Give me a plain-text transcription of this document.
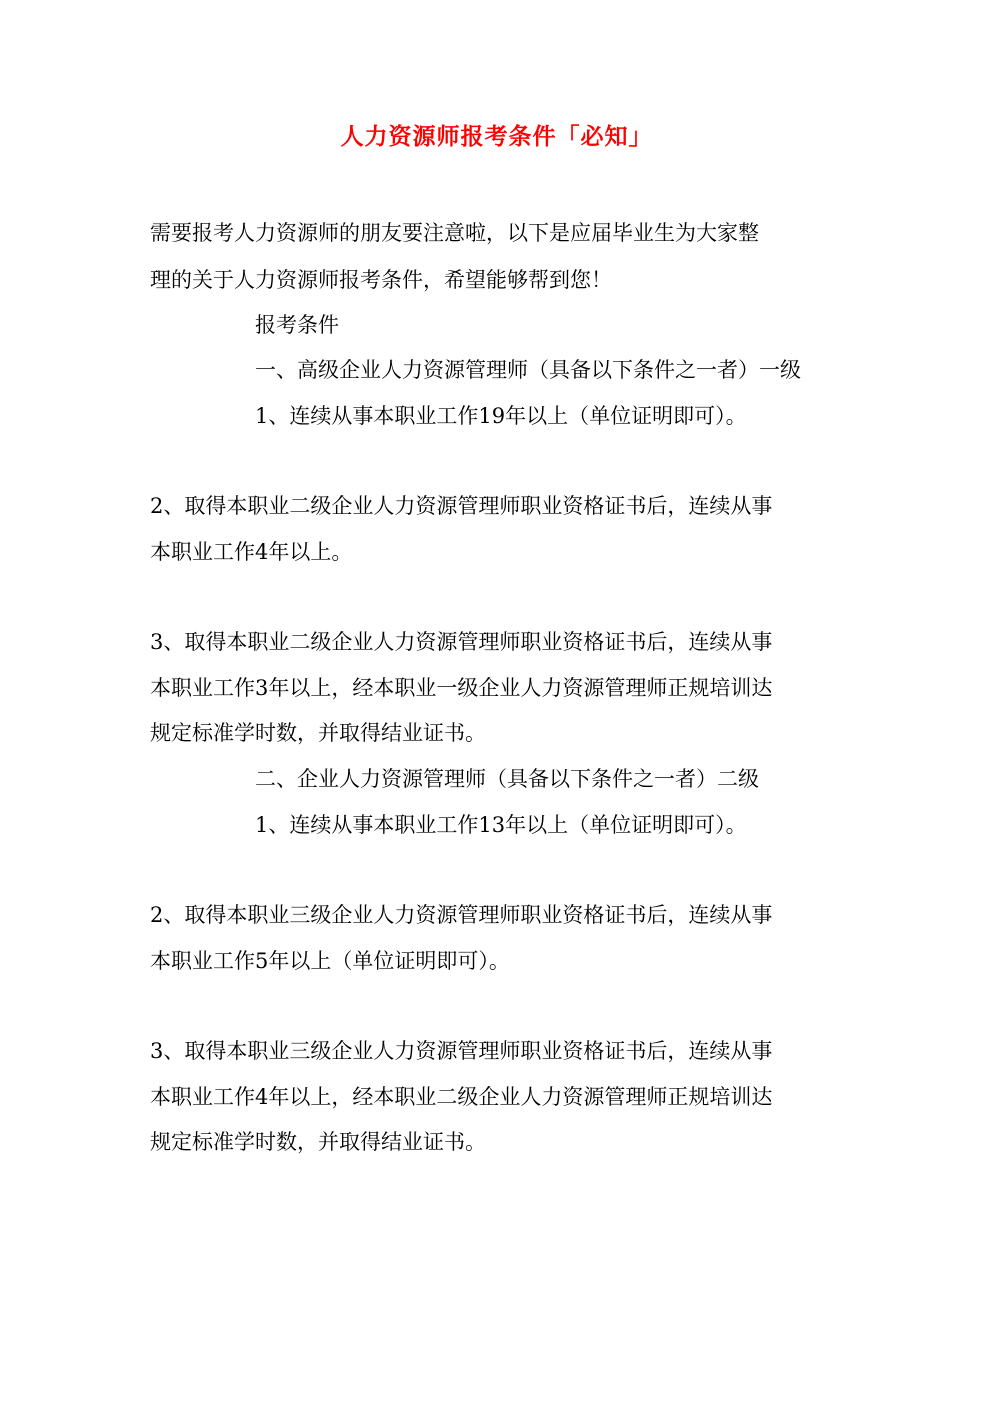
人力资源师报考条件「必知」
需要报考人力资源师的朋友要注意啦，以下是应届毕业生为大家整
理的关于人力资源师报考条件，希望能够帮到您！
报考条件
一、高级企业人力资源管理师（具备以下条件之一者）一级
1、连续从事本职业工作19年以上（单位证明即可）。
2、取得本职业二级企业人力资源管理师职业资格证书后，连续从事
本职业工作4年以上。
3、取得本职业二级企业人力资源管理师职业资格证书后，连续从事
本职业工作3年以上，经本职业一级企业人力资源管理师正规培训达
规定标准学时数，并取得结业证书。
二、企业人力资源管理师（具备以下条件之一者）二级
1、连续从事本职业工作13年以上（单位证明即可）。
2、取得本职业三级企业人力资源管理师职业资格证书后，连续从事
本职业工作5年以上（单位证明即可）。
3、取得本职业三级企业人力资源管理师职业资格证书后，连续从事
本职业工作4年以上，经本职业二级企业人力资源管理师正规培训达
规定标准学时数，并取得结业证书。
